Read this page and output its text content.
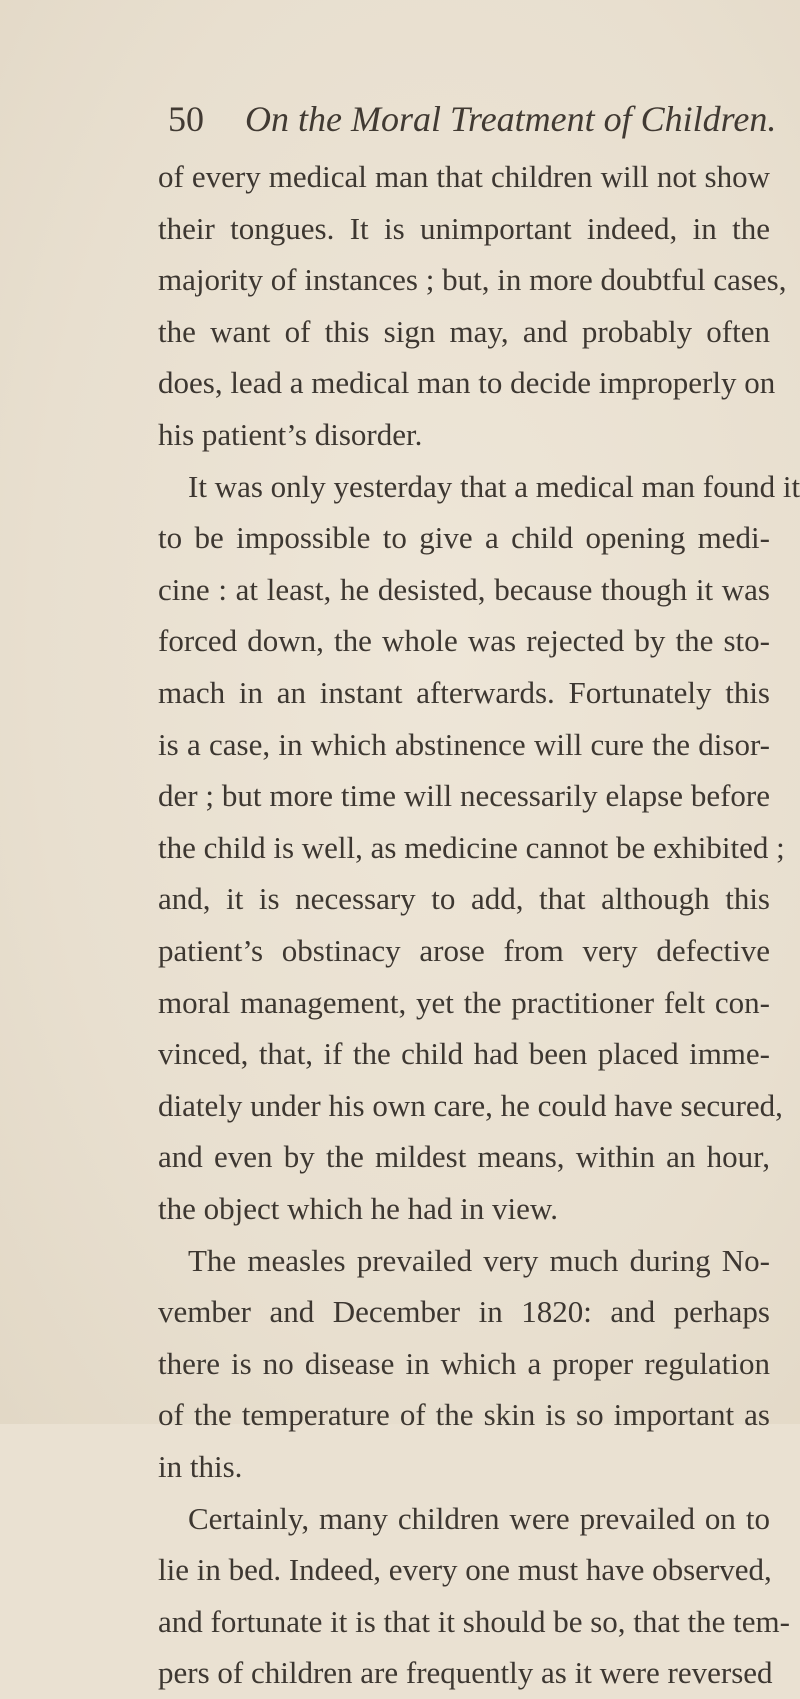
50 On the Moral Treatment of Children.
of every medical man that children will not show
their tongues. It is unimportant indeed, in the
majority of instances ; but, in more doubtful cases,
the want of this sign may, and probably often
does, lead a medical man to decide improperly on
his patient’s disorder.
It was only yesterday that a medical man found it
to be impossible to give a child opening medi-
cine : at least, he desisted, because though it was
forced down, the whole was rejected by the sto-
mach in an instant afterwards. Fortunately this
is a case, in which abstinence will cure the disor-
der ; but more time will necessarily elapse before
the child is well, as medicine cannot be exhibited ;
and, it is necessary to add, that although this
patient’s obstinacy arose from very defective
moral management, yet the practitioner felt con-
vinced, that, if the child had been placed imme-
diately under his own care, he could have secured,
and even by the mildest means, within an hour,
the object which he had in view.
The measles prevailed very much during No-
vember and December in 1820: and perhaps
there is no disease in which a proper regulation
of the temperature of the skin is so important as
in this.
Certainly, many children were prevailed on to
lie in bed. Indeed, every one must have observed,
and fortunate it is that it should be so, that the tem-
pers of children are frequently as it were reversed
